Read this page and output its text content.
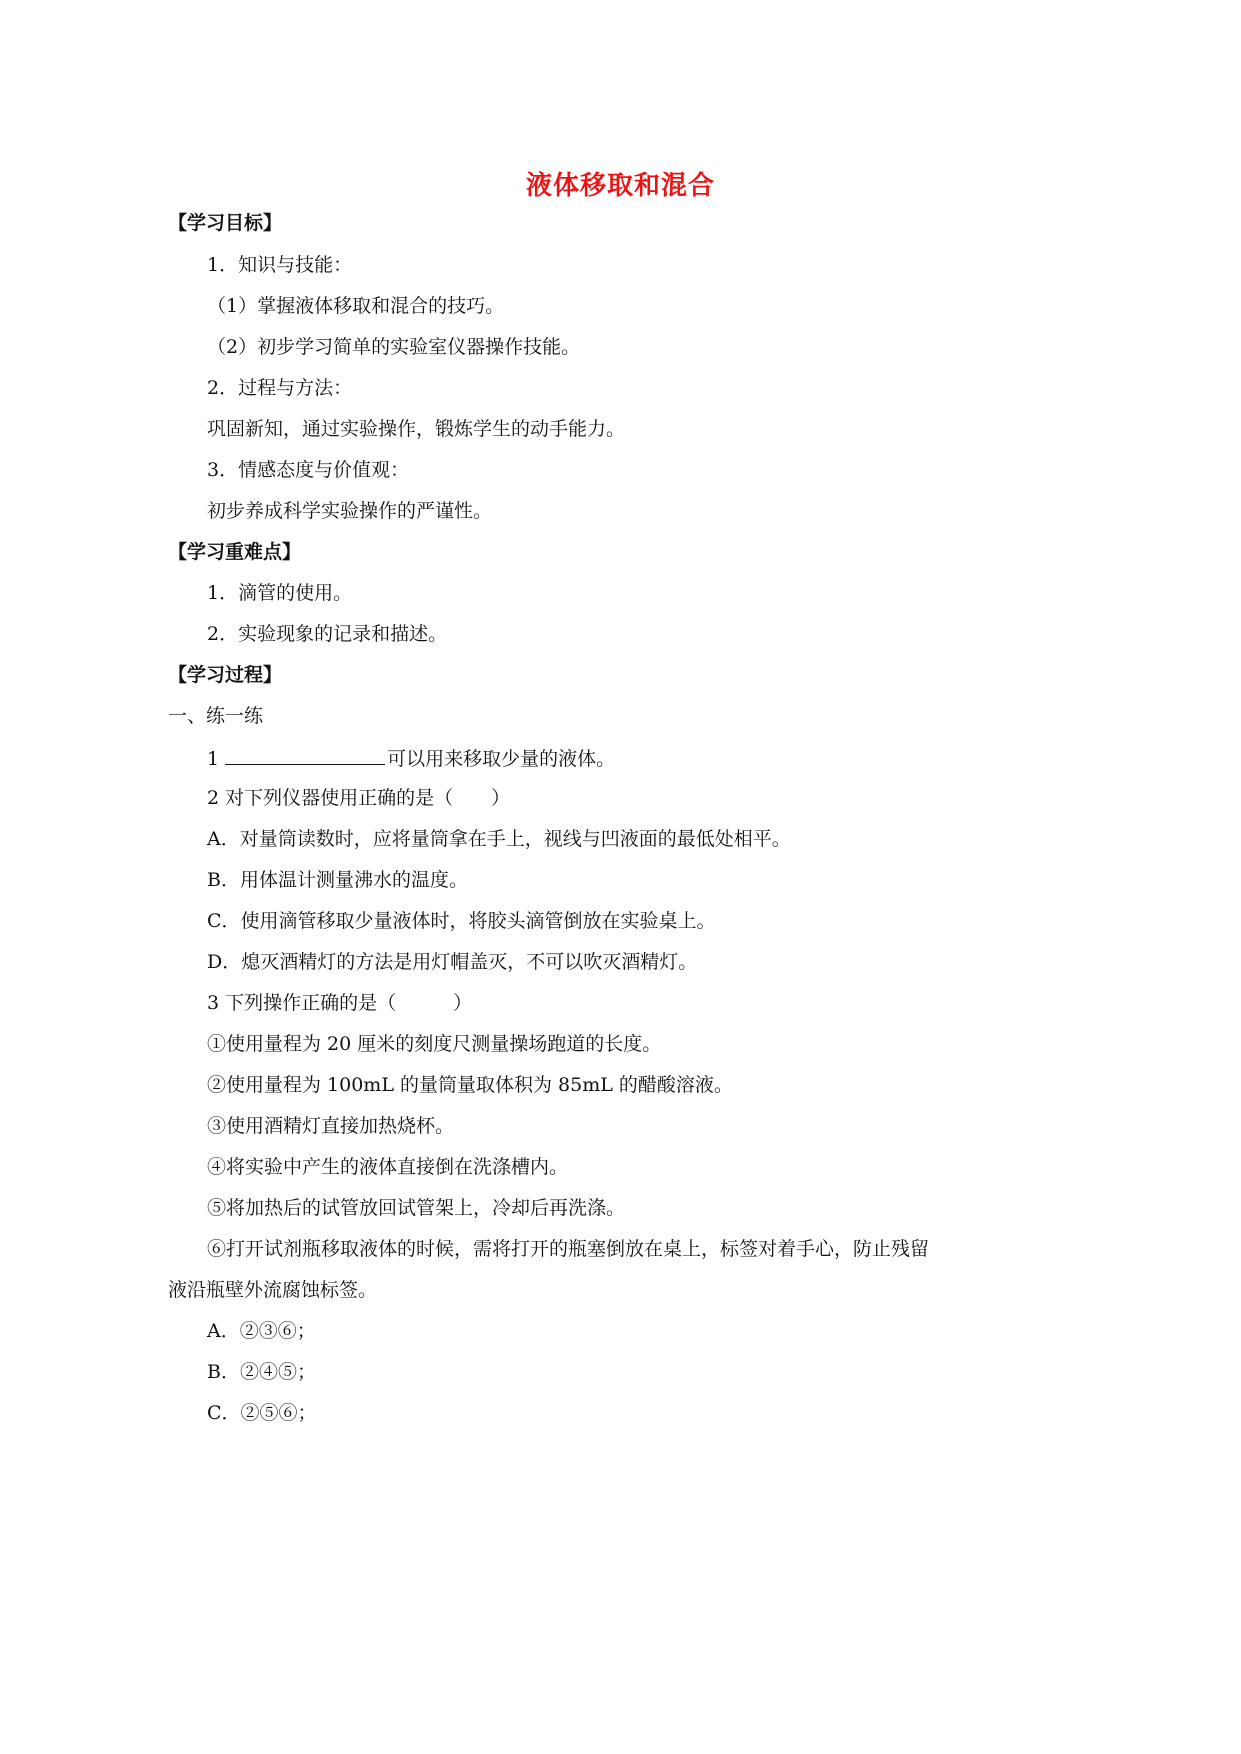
液体移取和混合
【学习目标】
1．知识与技能：
（1）掌握液体移取和混合的技巧。
（2）初步学习简单的实验室仪器操作技能。
2．过程与方法：
巩固新知，通过实验操作，锻炼学生的动手能力。
3．情感态度与价值观：
初步养成科学实验操作的严谨性。
【学习重难点】
1．滴管的使用。
2．实验现象的记录和描述。
【学习过程】
一、练一练
1	可以用来移取少量的液体。
2 对下列仪器使用正确的是（　　）
A．对量筒读数时，应将量筒拿在手上，视线与凹液面的最低处相平。
B．用体温计测量沸水的温度。
C．使用滴管移取少量液体时，将胶头滴管倒放在实验桌上。
D．熄灭酒精灯的方法是用灯帽盖灭，不可以吹灭酒精灯。
3 下列操作正确的是（　　　）
①使用量程为 20 厘米的刻度尺测量操场跑道的长度。
②使用量程为 100mL 的量筒量取体积为 85mL 的醋酸溶液。
③使用酒精灯直接加热烧杯。
④将实验中产生的液体直接倒在洗涤槽内。
⑤将加热后的试管放回试管架上，冷却后再洗涤。
⑥打开试剂瓶移取液体的时候，需将打开的瓶塞倒放在桌上，标签对着手心，防止残留
液沿瓶壁外流腐蚀标签。
A．②③⑥；
B．②④⑤；
C．②⑤⑥；
